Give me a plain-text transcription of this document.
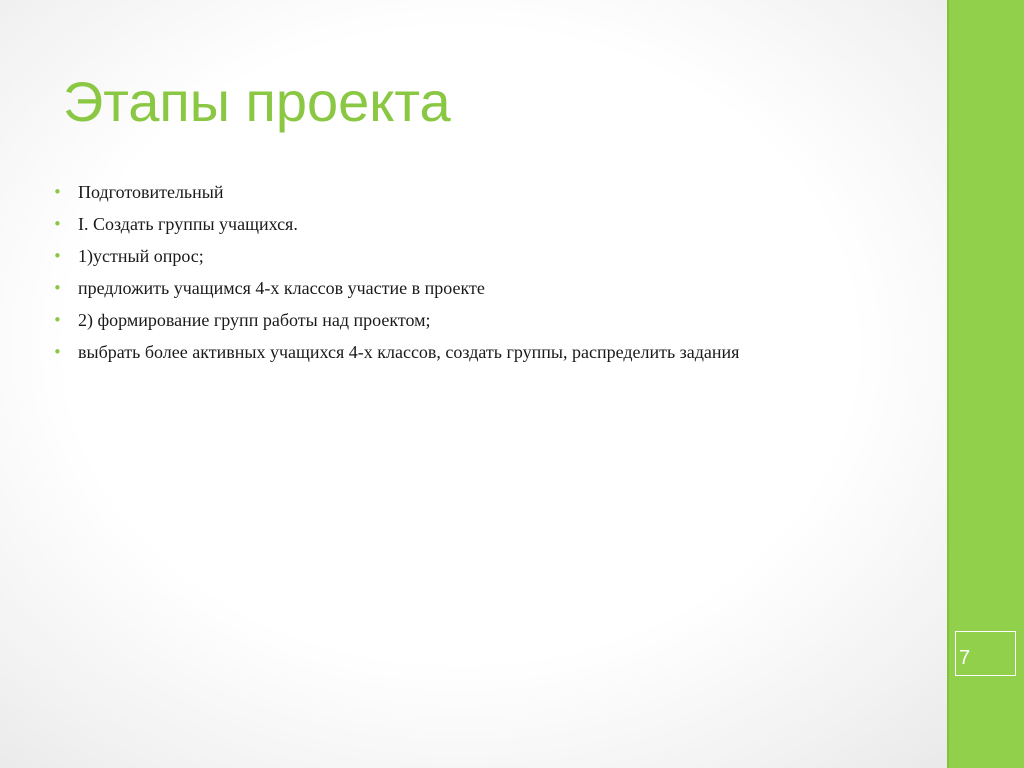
Этапы проекта
• Подготовительный
• I. Создать группы учащихся.
• 1)устный опрос;
• предложить учащимся 4-х классов участие в проекте
• 2) формирование групп работы над проектом;
• выбрать более активных учащихся 4-х классов, создать группы, распределить задания
7
